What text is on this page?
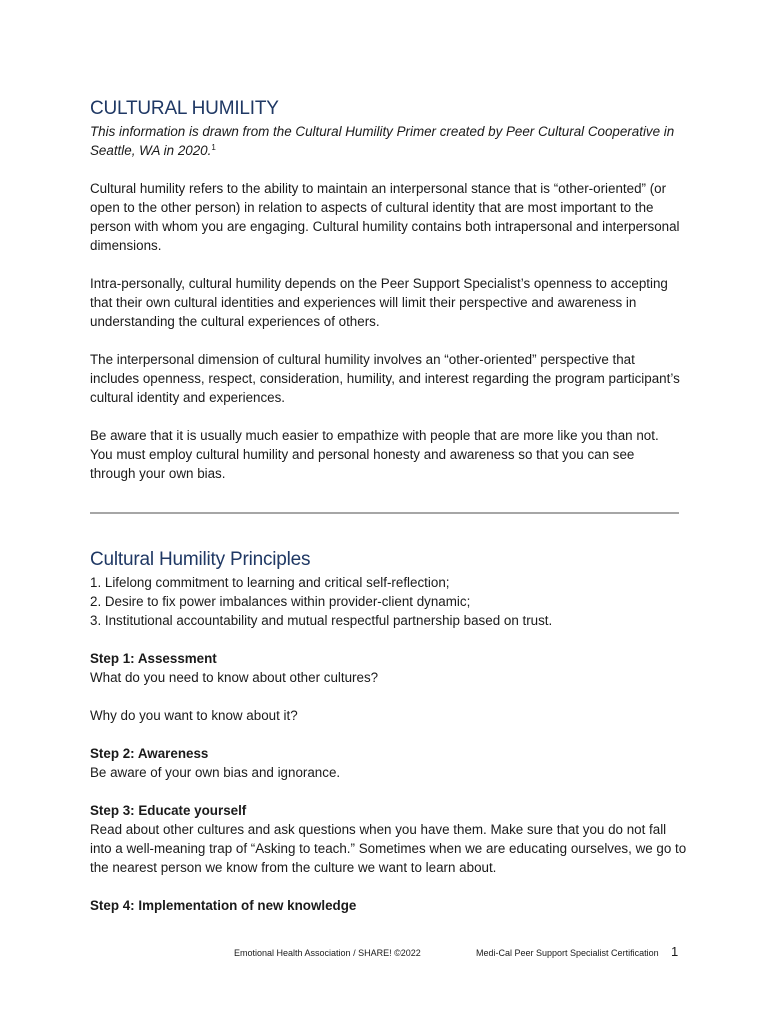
CULTURAL HUMILITY

This information is drawn from the Cultural Humility Primer created by Peer Cultural Cooperative in Seattle, WA in 2020.$^1$

Cultural humility refers to the ability to maintain an interpersonal stance that is “other-oriented” (or open to the other person) in relation to aspects of cultural identity that are most important to the person with whom you are engaging. Cultural humility contains both intrapersonal and interpersonal dimensions.

Intra-personally, cultural humility depends on the Peer Support Specialist’s openness to accepting that their own cultural identities and experiences will limit their perspective and awareness in understanding the cultural experiences of others.

The interpersonal dimension of cultural humility involves an “other-oriented” perspective that includes openness, respect, consideration, humility, and interest regarding the program participant’s cultural identity and experiences.

Be aware that it is usually much easier to empathize with people that are more like you than not. You must employ cultural humility and personal honesty and awareness so that you can see through your own bias.

Cultural Humility Principles

1. Lifelong commitment to learning and critical self-reflection;

2. Desire to fix power imbalances within provider-client dynamic;

3. Institutional accountability and mutual respectful partnership based on trust.

Step 1: Assessment

What do you need to know about other cultures?

Why do you want to know about it?

Step 2: Awareness

Be aware of your own bias and ignorance.

Step 3: Educate yourself

Read about other cultures and ask questions when you have them. Make sure that you do not fall into a well-meaning trap of “Asking to teach.” Sometimes when we are educating ourselves, we go to the nearest person we know from the culture we want to learn about.

Step 4: Implementation of new knowledge

Emotional Health Association / SHARE! ©2022	Medi-Cal Peer Support Specialist Certification 1
